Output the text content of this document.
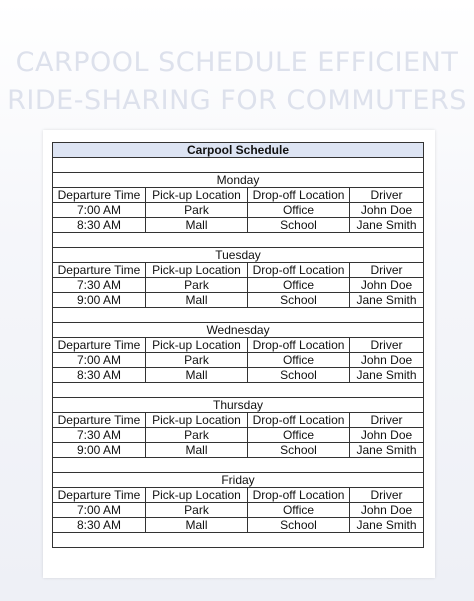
CARPOOL SCHEDULE EFFICIENT
RIDE-SHARING FOR COMMUTERS
Carpool Schedule			

Monday			
Departure Time	Pick-up Location	Drop-off Location	Driver
7:00 AM	Park	Office	John Doe
8:30 AM	Mall	School	Jane Smith

Tuesday			
Departure Time	Pick-up Location	Drop-off Location	Driver
7:30 AM	Park	Office	John Doe
9:00 AM	Mall	School	Jane Smith

Wednesday			
Departure Time	Pick-up Location	Drop-off Location	Driver
7:00 AM	Park	Office	John Doe
8:30 AM	Mall	School	Jane Smith

Thursday			
Departure Time	Pick-up Location	Drop-off Location	Driver
7:30 AM	Park	Office	John Doe
9:00 AM	Mall	School	Jane Smith

Friday			
Departure Time	Pick-up Location	Drop-off Location	Driver
7:00 AM	Park	Office	John Doe
8:30 AM	Mall	School	Jane Smith
